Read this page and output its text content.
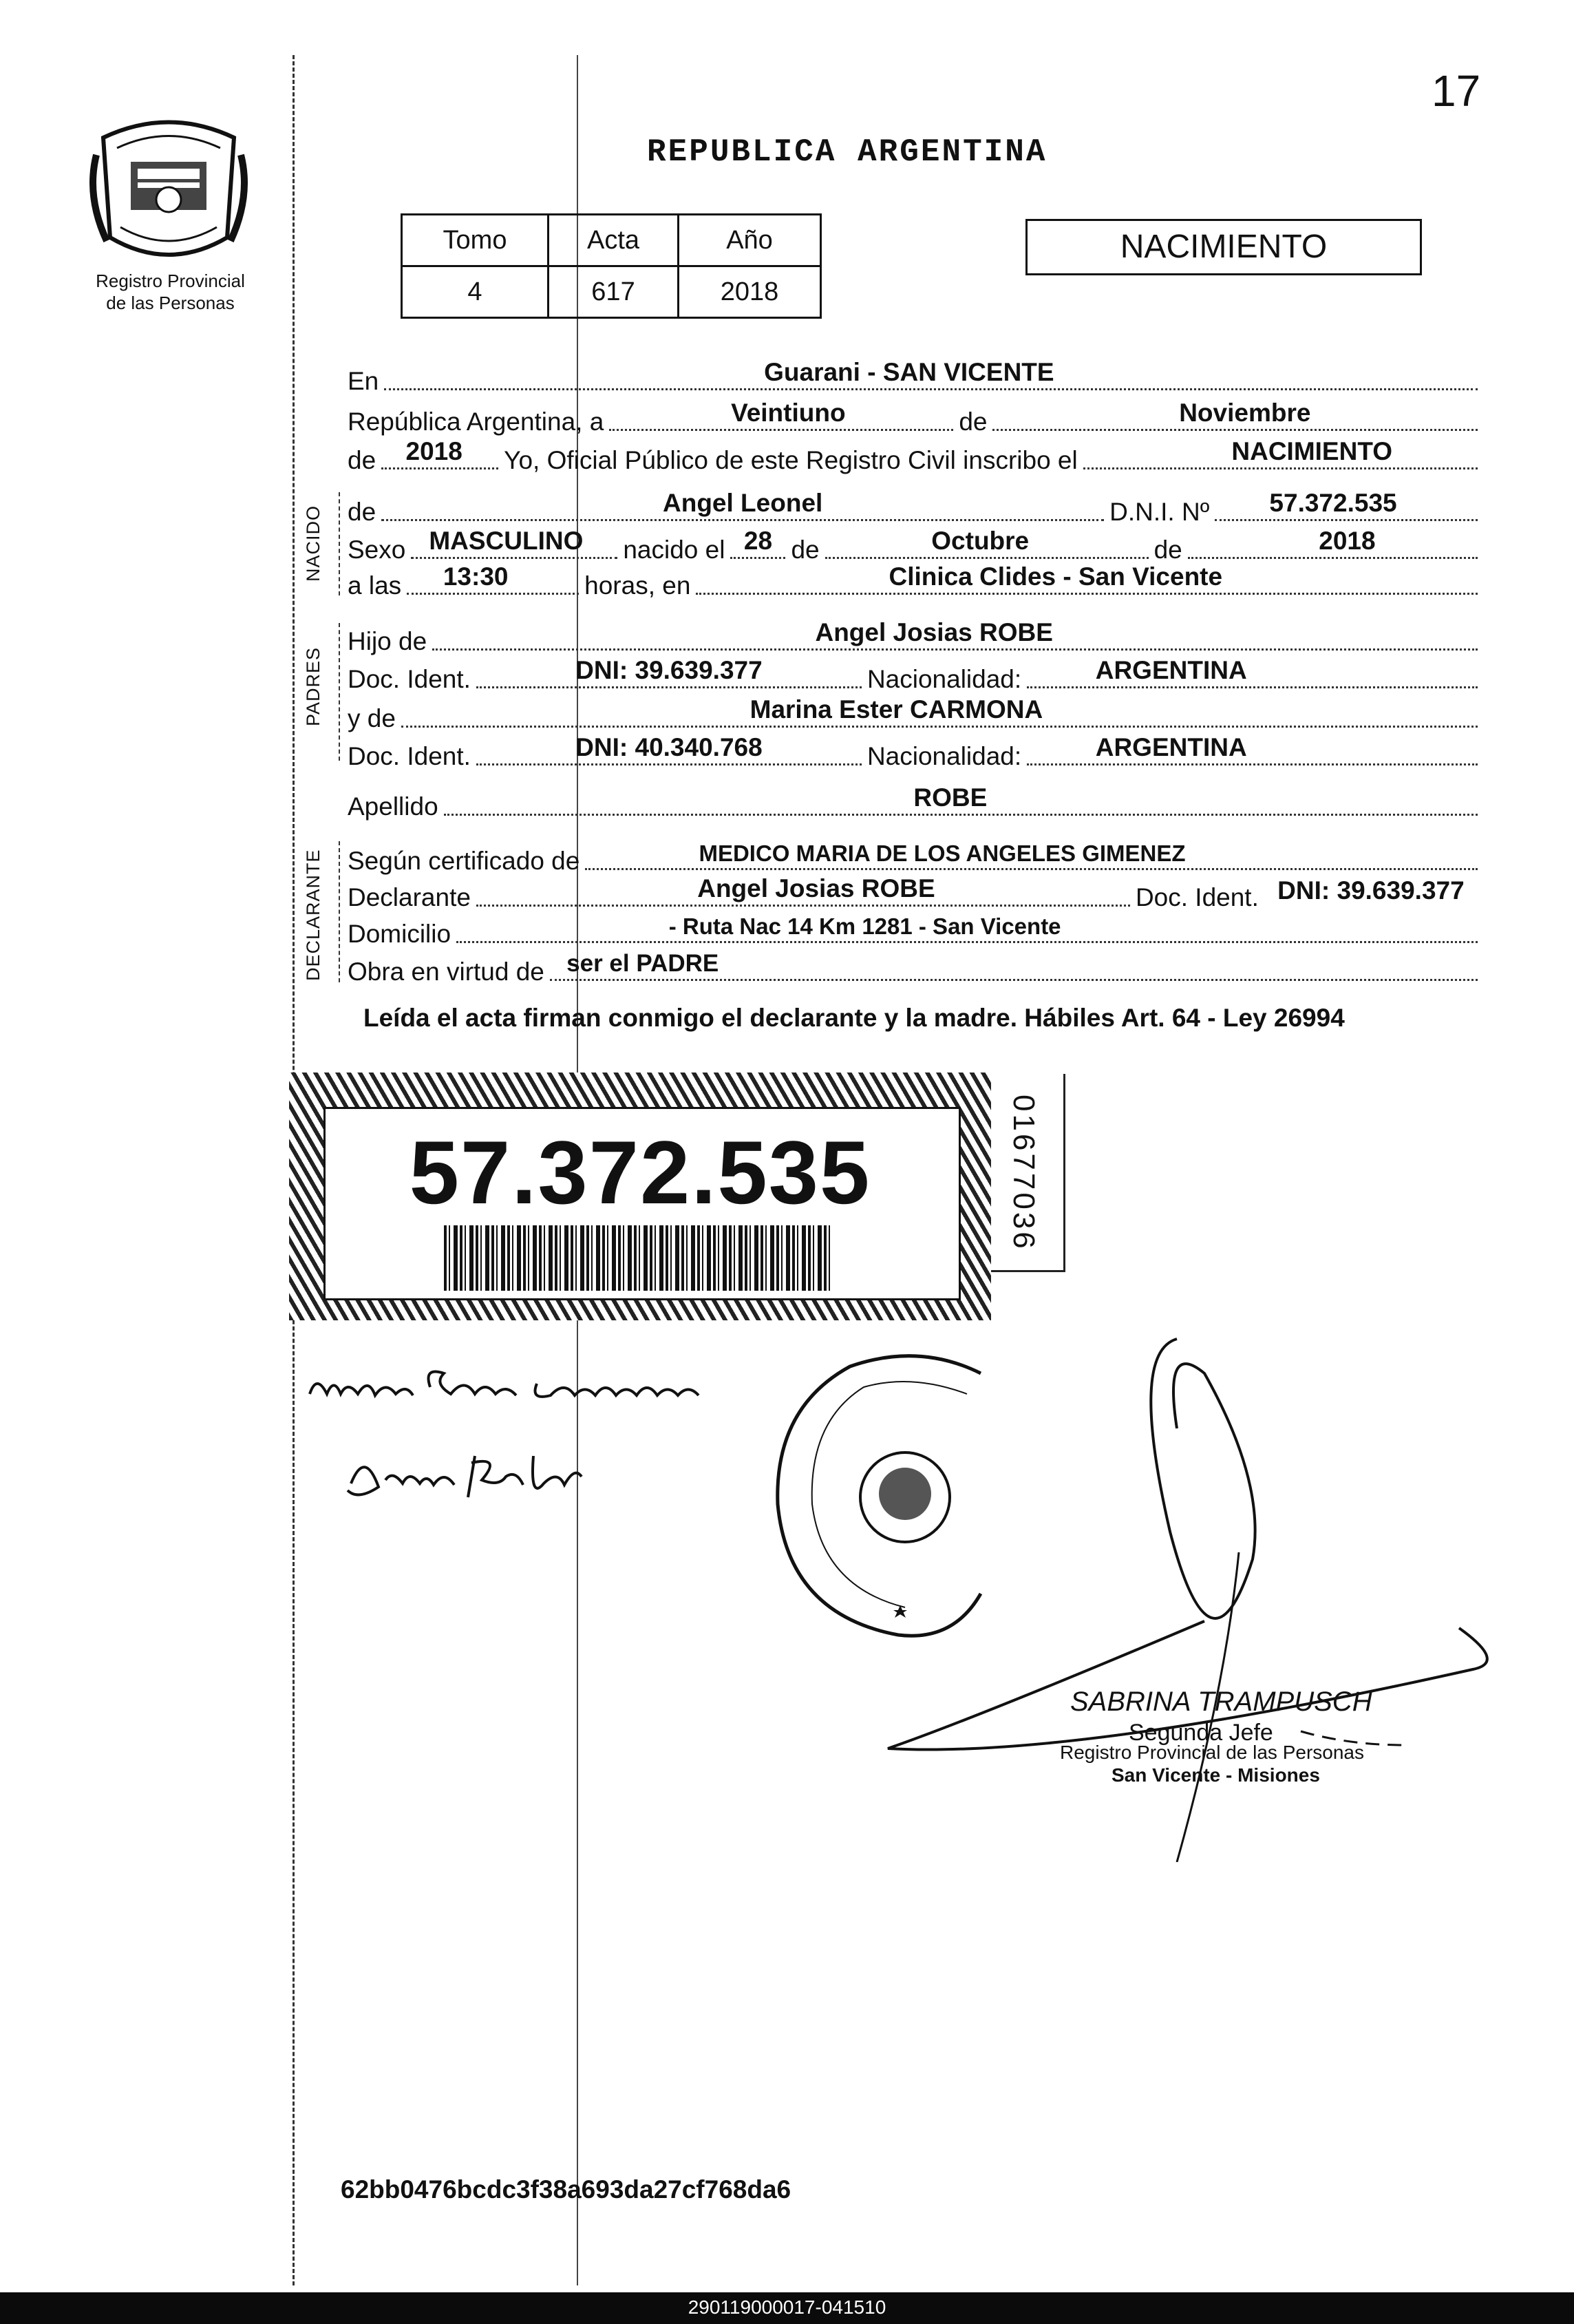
17
Registro Provincial
de las Personas
REPUBLICA ARGENTINA
Tomo	Acta	Año
4	617	2018
NACIMIENTO
En	Guarani - SAN VICENTE
República Argentina, a	Veintiuno	de	Noviembre
de 2018 Yo, Oficial Público de este Registro Civil inscribo el	NACIMIENTO
de	Angel Leonel	D.N.I. Nº 57.372.535
Sexo MASCULINO nacido el 28 de	Octubre	de	2018
a las 13:30	horas, en	Clinica Clides - San Vicente
Hijo de	Angel Josias ROBE
Doc. Ident.	DNI: 39.639.377	Nacionalidad:	ARGENTINA
y de	Marina Ester CARMONA
Doc. Ident.	DNI: 40.340.768	Nacionalidad:	ARGENTINA
Apellido	ROBE
Según certificado de	MEDICO MARIA DE LOS ANGELES GIMENEZ
Declarante	Angel Josias ROBE	Doc. Ident. DNI: 39.639.377
Domicilio	- Ruta Nac 14 Km 1281 - San Vicente
Obra en virtud de ser el PADRE
NACIDO
PADRES
DECLARANTE
Leída el acta firman conmigo el declarante y la madre. Hábiles Art. 64 - Ley 26994
57.372.535	01677036
SABRINA TRAMPUSCH
Segunda Jefe
Registro Provincial de las Personas
San Vicente - Misiones
62bb0476bcdc3f38a693da27cf768da6
290119000017-041510
